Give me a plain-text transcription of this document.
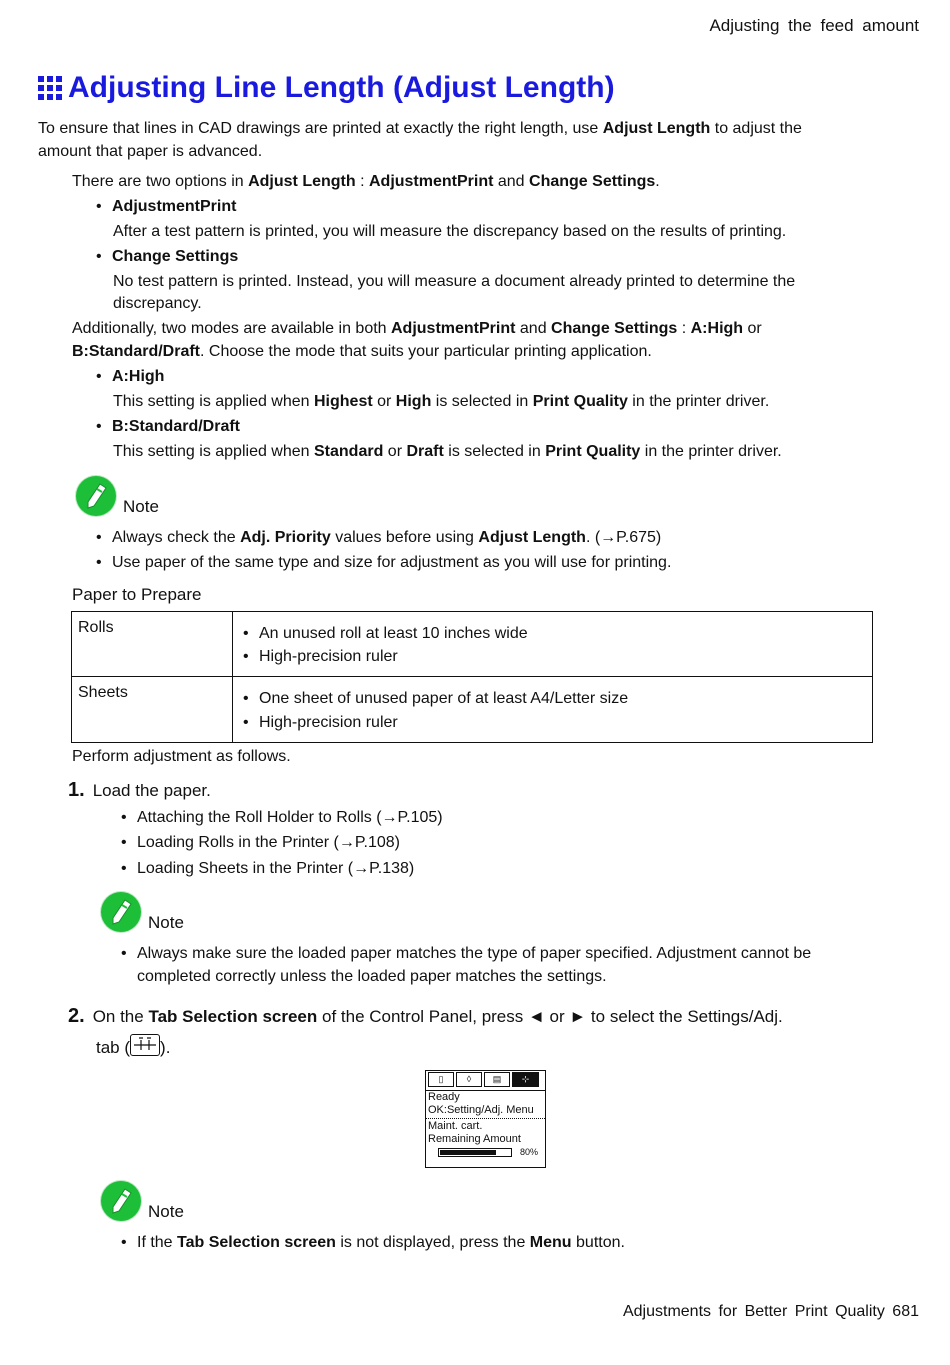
Adjusting the feed amount
Adjusting Line Length (Adjust Length)
To ensure that lines in CAD drawings are printed at exactly the right length, use Adjust Length to adjust the
amount that paper is advanced.
There are two options in Adjust Length : AdjustmentPrint and Change Settings.
• AdjustmentPrint
After a test pattern is printed, you will measure the discrepancy based on the results of printing.
• Change Settings
No test pattern is printed. Instead, you will measure a document already printed to determine the
discrepancy.
Additionally, two modes are available in both AdjustmentPrint and Change Settings : A:High or
B:Standard/Draft. Choose the mode that suits your particular printing application.
• A:High
This setting is applied when Highest or High is selected in Print Quality in the printer driver.
• B:Standard/Draft
This setting is applied when Standard or Draft is selected in Print Quality in the printer driver.
Note
• Always check the Adj. Priority values before using Adjust Length. (→P.675)
• Use paper of the same type and size for adjustment as you will use for printing.
Paper to Prepare
Rolls	• An unused roll at least 10 inches wide
• High-precision ruler

Sheets	• One sheet of unused paper of at least A4/Letter size
• High-precision ruler
Perform adjustment as follows.
1. Load the paper.
• Attaching the Roll Holder to Rolls (→P.105)
• Loading Rolls in the Printer (→P.108)
• Loading Sheets in the Printer (→P.138)
Note
• Always make sure the loaded paper matches the type of paper specified. Adjustment cannot be
completed correctly unless the loaded paper matches the settings.
2. On the Tab Selection screen of the Control Panel, press ◄ or ► to select the Settings/Adj.
tab ( ).
▯	◊	▤	⊹
Ready
OK:Setting/Adj. Menu
Maint. cart.
Remaining Amount
80%
Note
• If the Tab Selection screen is not displayed, press the Menu button.
Adjustments for Better Print Quality 681
